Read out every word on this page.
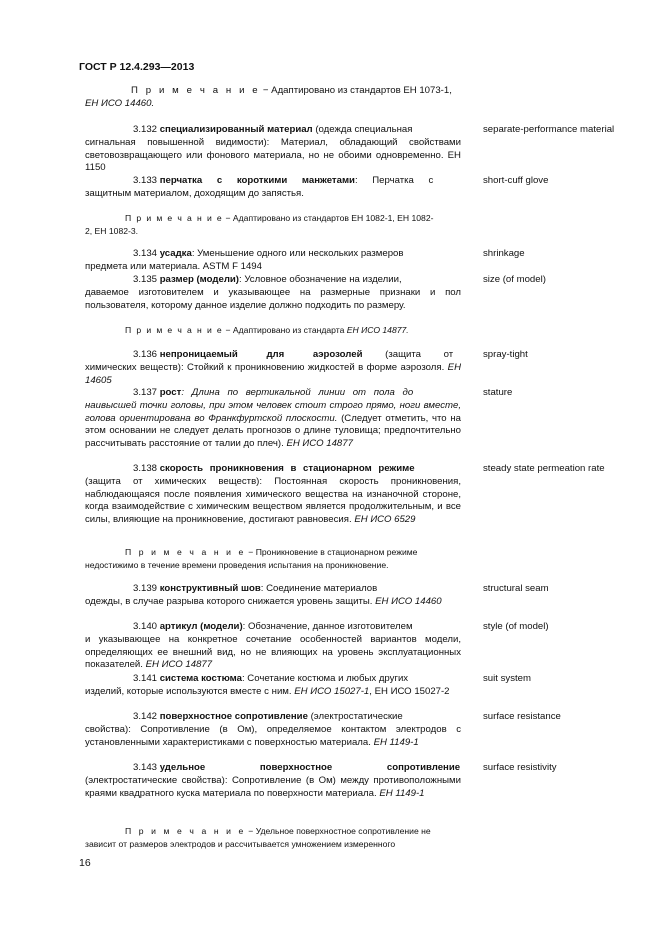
ГОСТ Р 12.4.293—2013
П р и м е ч а н и е − Адаптировано из стандартов ЕН 1073-1,
ЕН ИСО 14460.
3.132 специализированный материал (одежда специальная
сигнальная повышенной видимости): Материал, обладающий свойствами световозвращающего или фонового материала, но не обоими одновременно. ЕН 1150
separate-performance material
3.133 перчатка с короткими манжетами: Перчатка с
защитным материалом, доходящим до запястья.
short-cuff glove
П р и м е ч а н и е − Адаптировано из стандартов ЕН 1082-1, ЕН 1082-
2, ЕН 1082-3.
3.134 усадка: Уменьшение одного или нескольких размеров
предмета или материала. ASTM F 1494
shrinkage
3.135 размер (модели): Условное обозначение на изделии,
даваемое изготовителем и указывающее на размерные признаки и пол пользователя, которому данное изделие должно подходить по размеру.
size (of model)
П р и м е ч а н и е − Адаптировано из стандарта ЕН ИСО 14877.
3.136 непроницаемый для аэрозолей (защита от
химических веществ): Стойкий к проникновению жидкостей в форме аэрозоля. ЕН 14605
spray-tight
3.137 рост: Длина по вертикальной линии от пола до
наивысшей точки головы, при этом человек стоит строго прямо, ноги вместе, голова ориентирована во Франкфуртской плоскости. (Следует отметить, что на этом основании не следует делать прогнозов о длине туловища; предпочтительно рассчитывать расстояние от талии до плеч). ЕН ИСО 14877
stature
3.138 скорость проникновения в стационарном режиме
(защита от химических веществ): Постоянная скорость проникновения, наблюдающаяся после появления химического вещества на изнаночной стороне, когда взаимодействие с химическим веществом является продолжительным, и все силы, влияющие на проникновение, достигают равновесия. ЕН ИСО 6529
steady state permeation rate
П р и м е ч а н и е − Проникновение в стационарном режиме
недостижимо в течение времени проведения испытания на проникновение.
3.139 конструктивный шов: Соединение материалов
одежды, в случае разрыва которого снижается уровень защиты. ЕН ИСО 14460
structural seam
3.140 артикул (модели): Обозначение, данное изготовителем
и указывающее на конкретное сочетание особенностей вариантов модели, определяющих ее внешний вид, но не влияющих на уровень эксплуатационных показателей. ЕН ИСО 14877
style (of model)
3.141 система костюма: Сочетание костюма и любых других
изделий, которые используются вместе с ним. ЕН ИСО 15027-1, ЕН ИСО 15027-2
suit system
3.142 поверхностное сопротивление (электростатические
свойства): Сопротивление (в Ом), определяемое контактом электродов с установленными характеристиками с поверхностью материала. ЕН 1149-1
surface resistance
3.143 удельное поверхностное сопротивление
(электростатические свойства): Сопротивление (в Ом) между противоположными краями квадратного куска материала по поверхности материала. ЕН 1149-1
surface resistivity
П р и м е ч а н и е − Удельное поверхностное сопротивление не
зависит от размеров электродов и рассчитывается умножением измеренного
16
